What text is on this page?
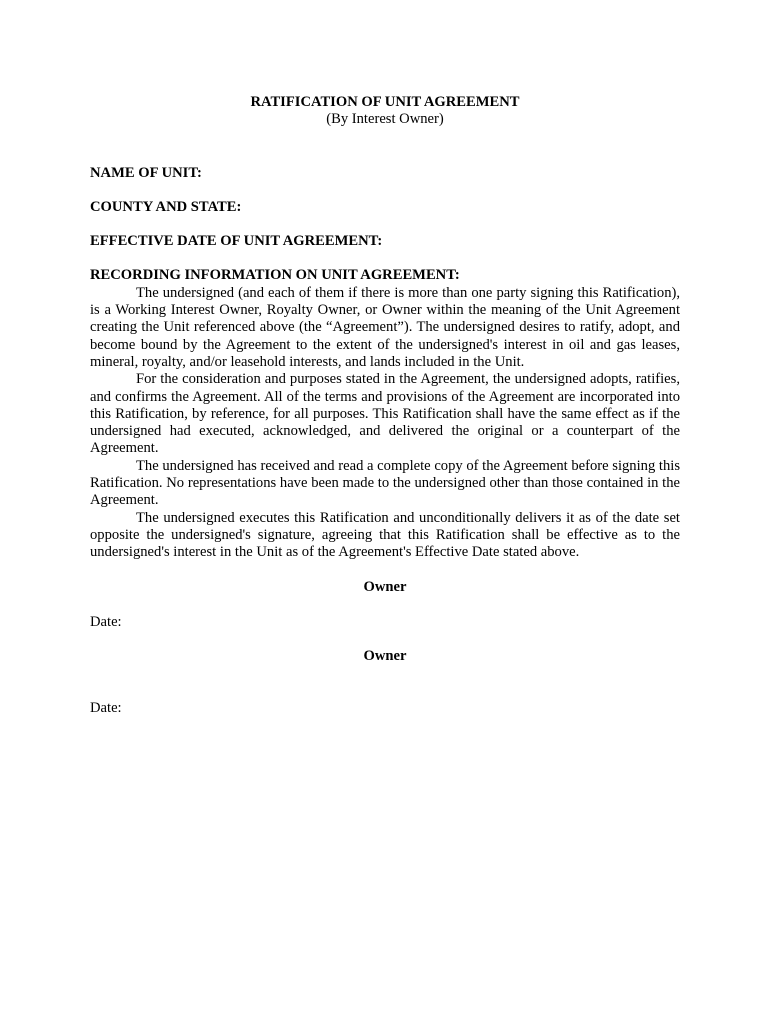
RATIFICATION OF UNIT AGREEMENT
(By Interest Owner)
NAME OF UNIT:
COUNTY AND STATE:
EFFECTIVE DATE OF UNIT AGREEMENT:
RECORDING INFORMATION ON UNIT AGREEMENT:

The undersigned (and each of them if there is more than one party signing this Ratification), is a Working Interest Owner, Royalty Owner, or Owner within the meaning of the Unit Agreement creating the Unit referenced above (the “Agreement”). The undersigned desires to ratify, adopt, and become bound by the Agreement to the extent of the undersigned's interest in oil and gas leases, mineral, royalty, and/or leasehold interests, and lands included in the Unit.

For the consideration and purposes stated in the Agreement, the undersigned adopts, ratifies, and confirms the Agreement. All of the terms and provisions of the Agreement are incorporated into this Ratification, by reference, for all purposes. This Ratification shall have the same effect as if the undersigned had executed, acknowledged, and delivered the original or a counterpart of the Agreement.

The undersigned has received and read a complete copy of the Agreement before signing this Ratification. No representations have been made to the undersigned other than those contained in the Agreement.

The undersigned executes this Ratification and unconditionally delivers it as of the date set opposite the undersigned's signature, agreeing that this Ratification shall be effective as to the undersigned's interest in the Unit as of the Agreement's Effective Date stated above.

Owner
Date:
Owner
Date:
